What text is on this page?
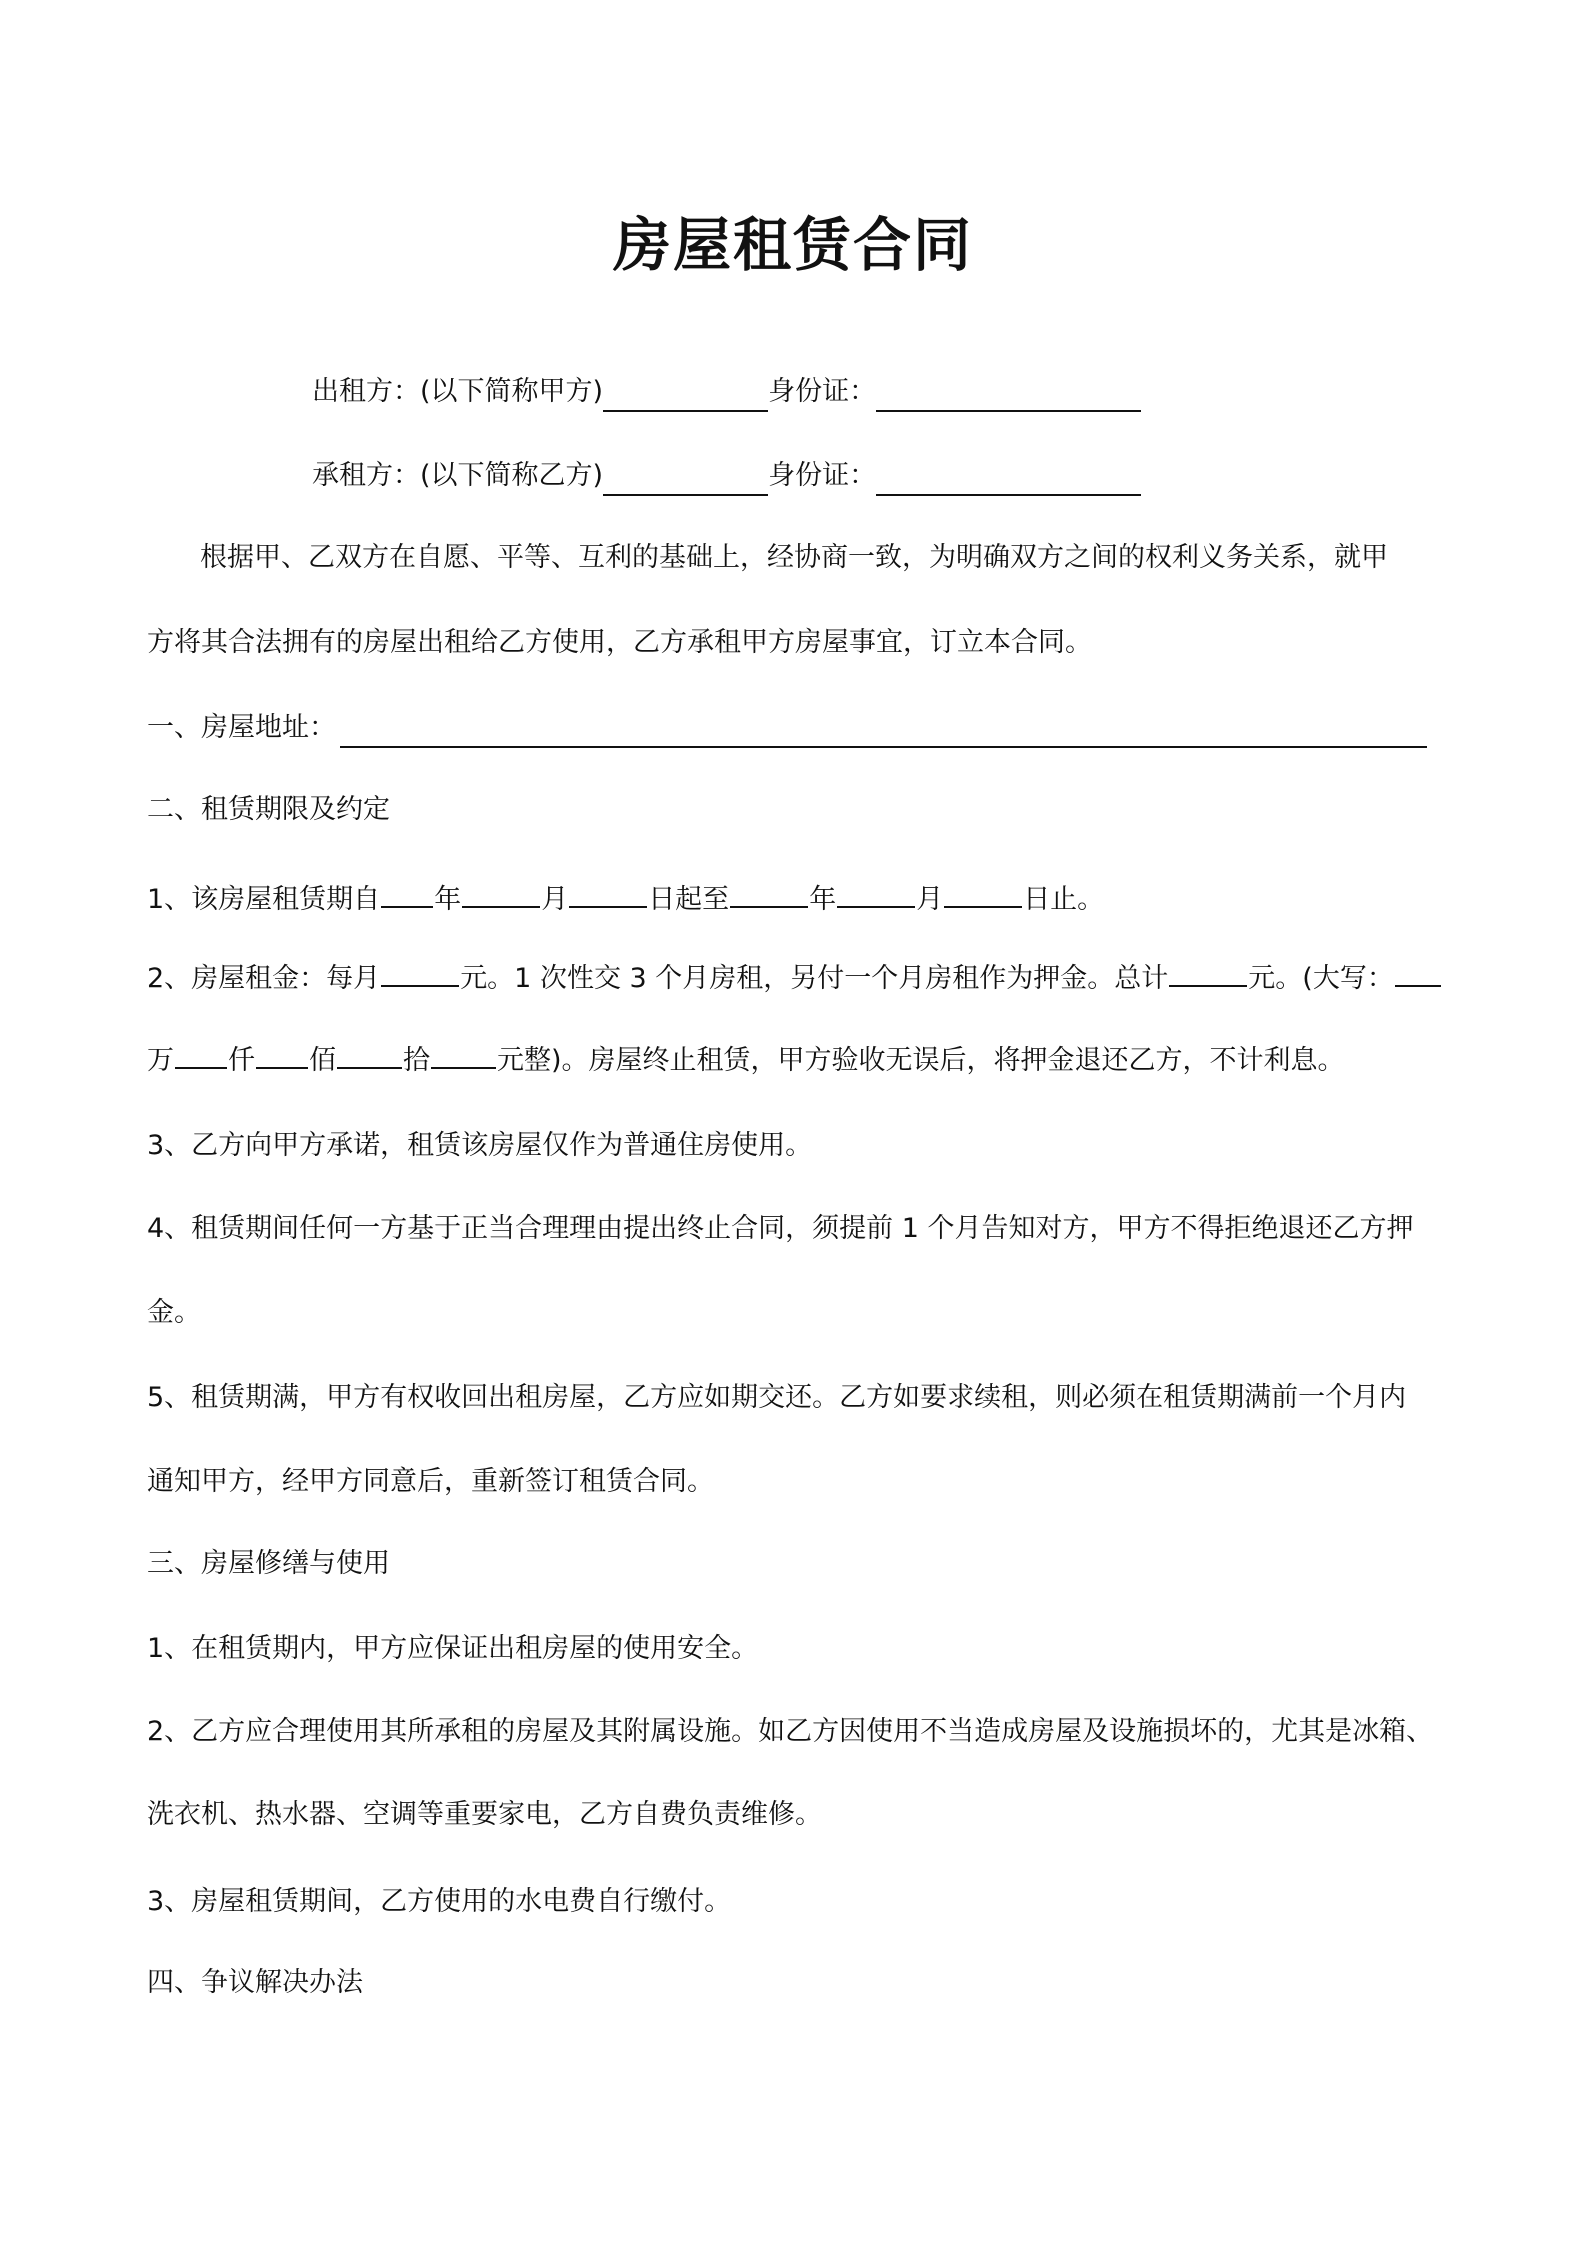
房屋租赁合同
出租方：(以下简称甲方)	身份证：
承租方：(以下简称乙方)	身份证：
根据甲、乙双方在自愿、平等、互利的基础上，经协商一致，为明确双方之间的权利义务关系，就甲
方将其合法拥有的房屋出租给乙方使用，乙方承租甲方房屋事宜，订立本合同。
一、房屋地址：
二、租赁期限及约定
1、该房屋租赁期自 年	月	日起至	年	月	日止。
2、房屋租金：每月	元。1 次性交 3 个月房租，另付一个月房租作为押金。总计	元。(大写：
万 仟 佰 拾 元整)。房屋终止租赁，甲方验收无误后，将押金退还乙方，不计利息。
3、乙方向甲方承诺，租赁该房屋仅作为普通住房使用。
4、租赁期间任何一方基于正当合理理由提出终止合同，须提前 1 个月告知对方，甲方不得拒绝退还乙方押
金。
5、租赁期满，甲方有权收回出租房屋，乙方应如期交还。乙方如要求续租，则必须在租赁期满前一个月内
通知甲方，经甲方同意后，重新签订租赁合同。
三、房屋修缮与使用
1、在租赁期内，甲方应保证出租房屋的使用安全。
2、乙方应合理使用其所承租的房屋及其附属设施。如乙方因使用不当造成房屋及设施损坏的，尤其是冰箱、
洗衣机、热水器、空调等重要家电，乙方自费负责维修。
3、房屋租赁期间，乙方使用的水电费自行缴付。
四、争议解决办法
